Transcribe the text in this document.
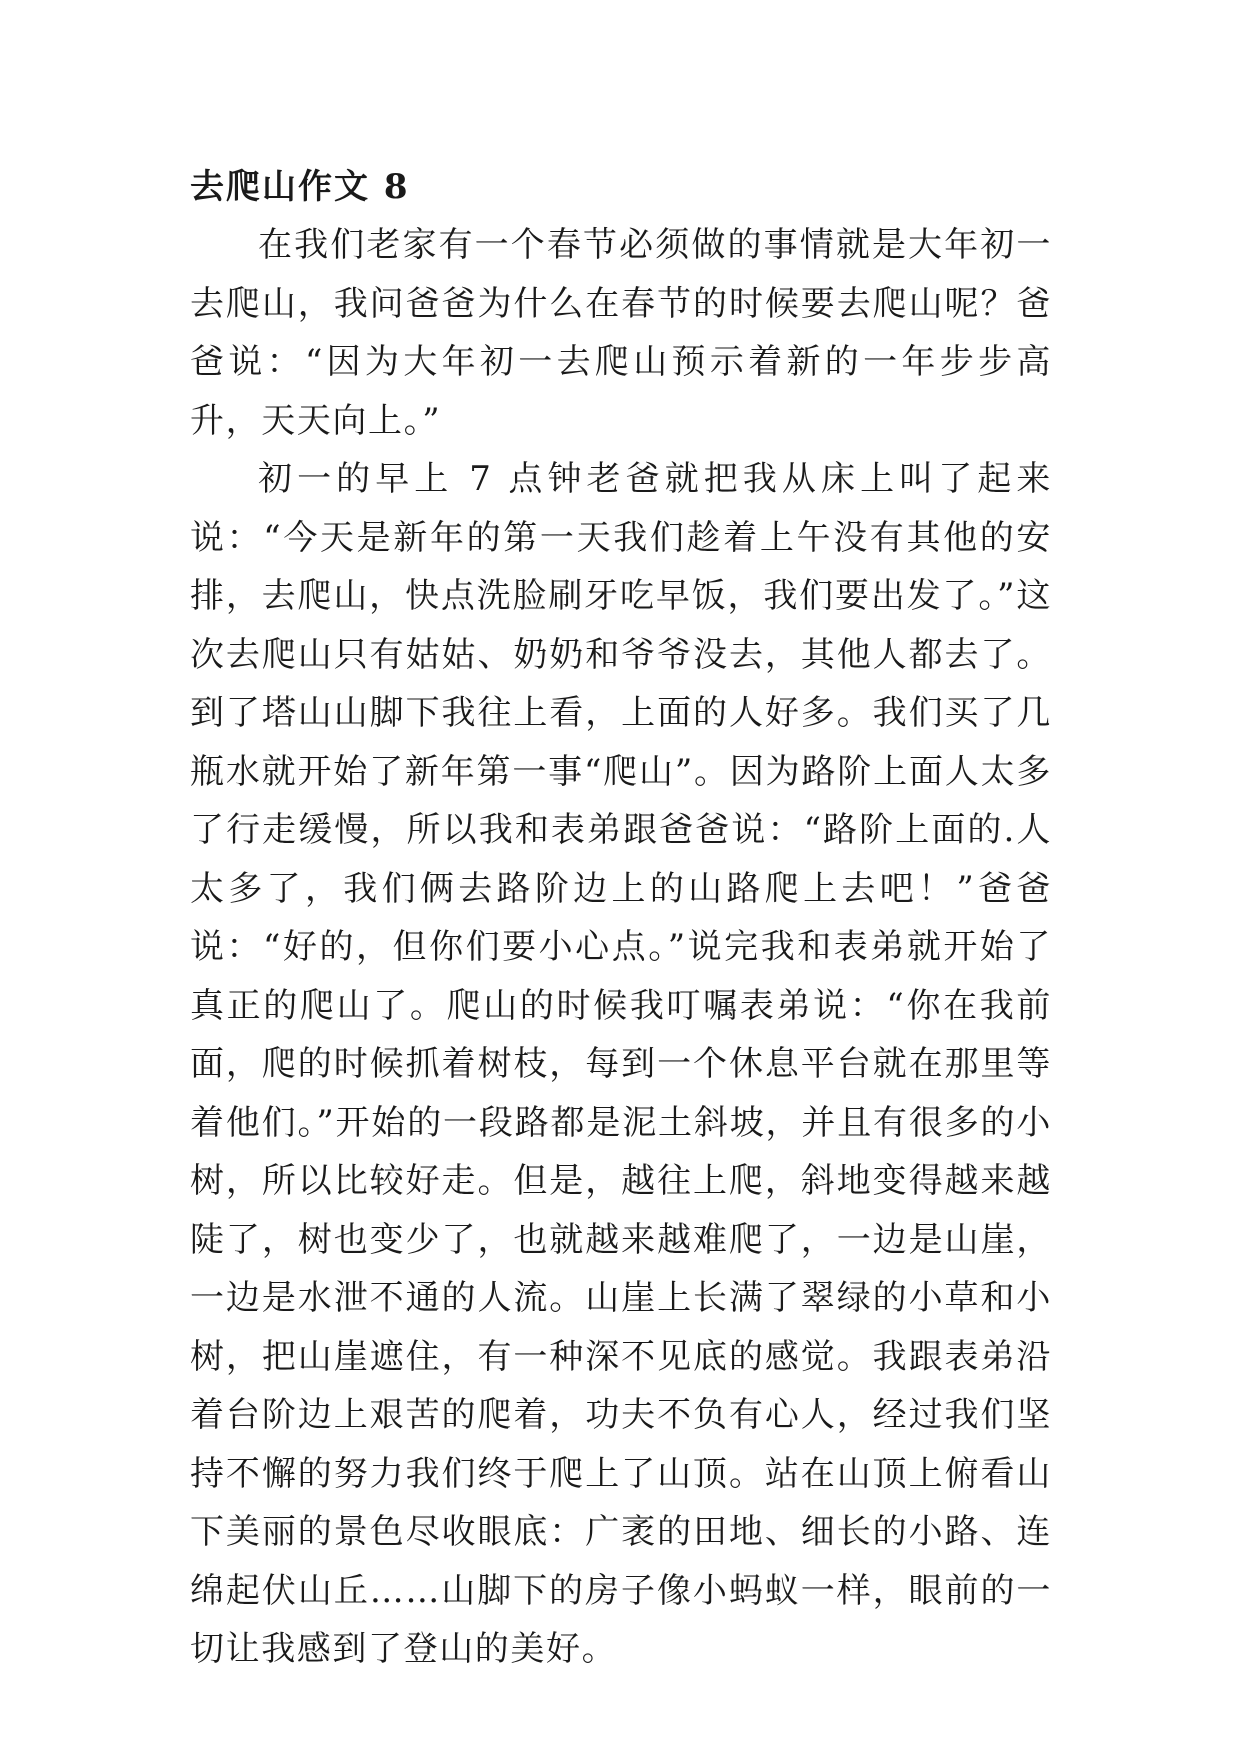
去爬山作文 8

在我们老家有一个春节必须做的事情就是大年初一去爬山，我问爸爸为什么在春节的时候要去爬山呢？爸爸说：“因为大年初一去爬山预示着新的一年步步高升，天天向上。”

初一的早上 7 点钟老爸就把我从床上叫了起来说：“今天是新年的第一天我们趁着上午没有其他的安排，去爬山，快点洗脸刷牙吃早饭，我们要出发了。”这次去爬山只有姑姑、奶奶和爷爷没去，其他人都去了。到了塔山山脚下我往上看，上面的人好多。我们买了几瓶水就开始了新年第一事“爬山”。因为路阶上面人太多了行走缓慢，所以我和表弟跟爸爸说：“路阶上面的.人太多了，我们俩去路阶边上的山路爬上去吧！”爸爸说：“好的，但你们要小心点。”说完我和表弟就开始了真正的爬山了。爬山的时候我叮嘱表弟说：“你在我前面，爬的时候抓着树枝，每到一个休息平台就在那里等着他们。”开始的一段路都是泥土斜坡，并且有很多的小树，所以比较好走。但是，越往上爬，斜地变得越来越陡了，树也变少了，也就越来越难爬了，一边是山崖，一边是水泄不通的人流。山崖上长满了翠绿的小草和小树，把山崖遮住，有一种深不见底的感觉。我跟表弟沿着台阶边上艰苦的爬着，功夫不负有心人，经过我们坚持不懈的努力我们终于爬上了山顶。站在山顶上俯看山下美丽的景色尽收眼底：广袤的田地、细长的小路、连绵起伏山丘……山脚下的房子像小蚂蚁一样，眼前的一切让我感到了登山的美好。
